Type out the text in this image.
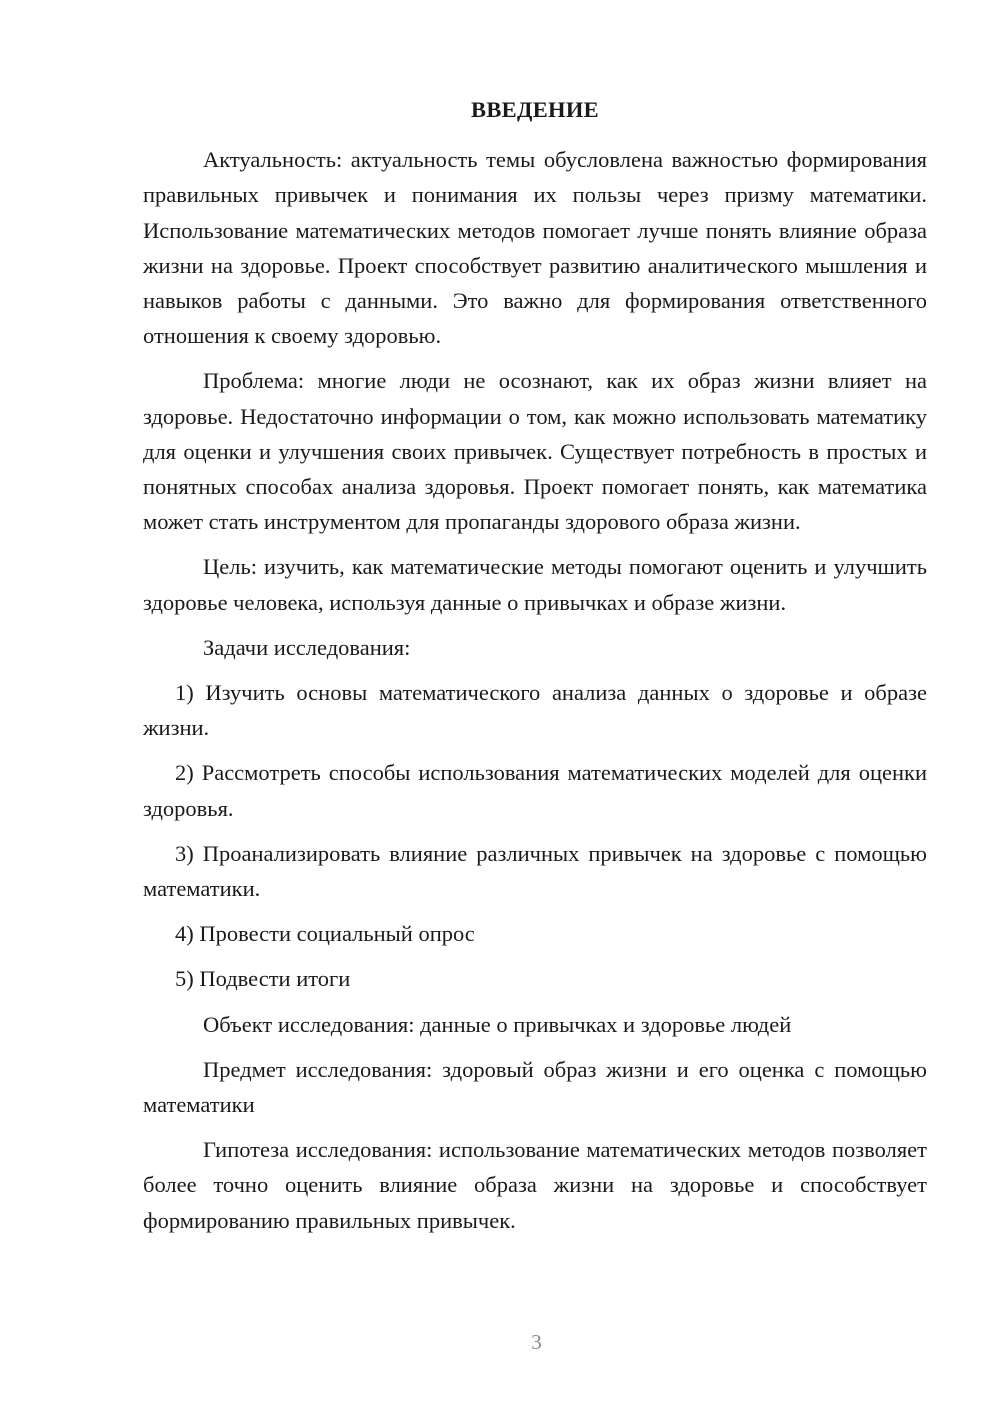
ВВЕДЕНИЕ

Актуальность: актуальность темы обусловлена важностью формирования правильных привычек и понимания их пользы через призму математики. Использование математических методов помогает лучше понять влияние образа жизни на здоровье. Проект способствует развитию аналитического мышления и навыков работы с данными. Это важно для формирования ответственного отношения к своему здоровью.

Проблема: многие люди не осознают, как их образ жизни влияет на здоровье. Недостаточно информации о том, как можно использовать математику для оценки и улучшения своих привычек. Существует потребность в простых и понятных способах анализа здоровья. Проект помогает понять, как математика может стать инструментом для пропаганды здорового образа жизни.

Цель: изучить, как математические методы помогают оценить и улучшить здоровье человека, используя данные о привычках и образе жизни.

Задачи исследования:

1) Изучить основы математического анализа данных о здоровье и образе жизни.

2) Рассмотреть способы использования математических моделей для оценки здоровья.

3) Проанализировать влияние различных привычек на здоровье с помощью математики.

4) Провести социальный опрос

5) Подвести итоги

Объект исследования: данные о привычках и здоровье людей

Предмет исследования: здоровый образ жизни и его оценка с помощью математики

Гипотеза исследования: использование математических методов позволяет более точно оценить влияние образа жизни на здоровье и способствует формированию правильных привычек.

3
